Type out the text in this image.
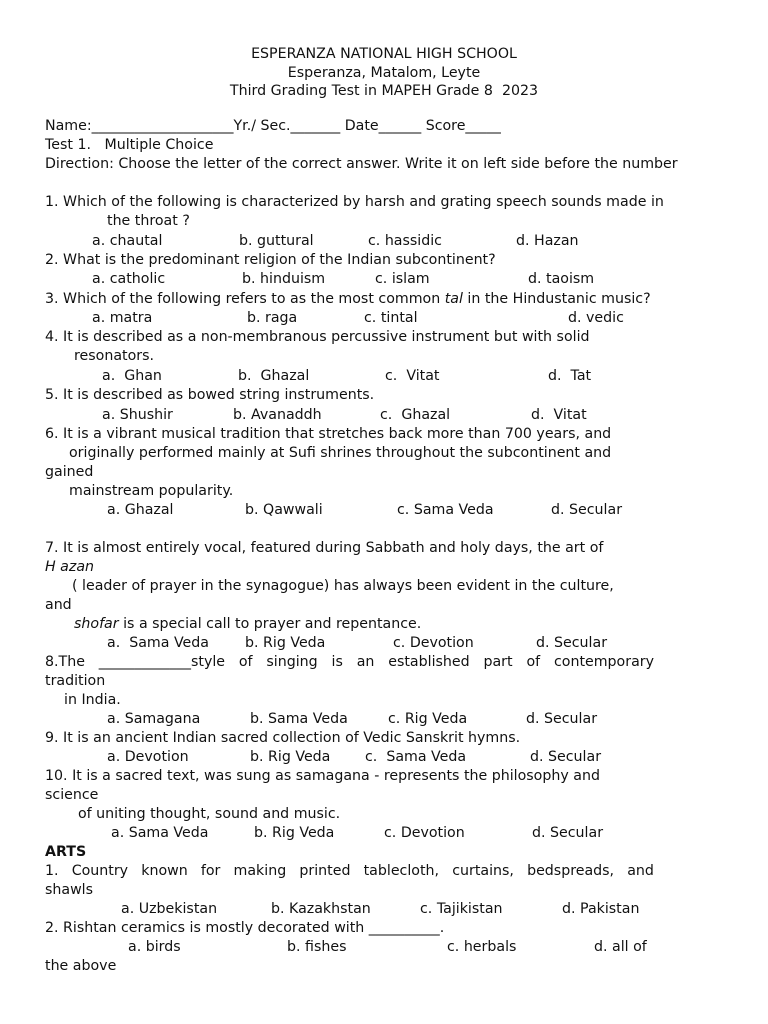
ESPERANZA NATIONAL HIGH SCHOOL
Esperanza, Matalom, Leyte
Third Grading Test in MAPEH Grade 8  2023
Name:____________________Yr./ Sec._______ Date______ Score_____
Test 1.   Multiple Choice
Direction: Choose the letter of the correct answer. Write it on left side before the number
1. Which of the following is characterized by harsh and grating speech sounds made in
the throat ?
a. chautal	b. guttural	c. hassidic	d. Hazan
2. What is the predominant religion of the Indian subcontinent?
a. catholic	b. hinduism	c. islam	d. taoism
3. Which of the following refers to as the most common tal in the Hindustanic music?
a. matra	b. raga	c. tintal	d. vedic
4. It is described as a non-membranous percussive instrument but with solid
resonators.
a.  Ghan	b.  Ghazal	c.  Vitat	d.  Tat
5. It is described as bowed string instruments.
a. Shushir	b. Avanaddh	c.  Ghazal	d.  Vitat
6. It is a vibrant musical tradition that stretches back more than 700 years, and
originally performed mainly at Sufi shrines throughout the subcontinent and
gained
mainstream popularity.
a. Ghazal	b. Qawwali	c. Sama Veda	d. Secular
7. It is almost entirely vocal, featured during Sabbath and holy days, the art of
H azan
( leader of prayer in the synagogue) has always been evident in the culture,
and
shofar is a special call to prayer and repentance.
a.  Sama Veda	b. Rig Veda	c. Devotion	d. Secular
8.The _____________style of singing is an established part of contemporary
tradition
in India.
a. Samagana	b. Sama Veda	c. Rig Veda	d. Secular
9. It is an ancient Indian sacred collection of Vedic Sanskrit hymns.
a. Devotion	b. Rig Veda c.  Sama Veda	d. Secular
10. It is a sacred text, was sung as samagana - represents the philosophy and
science
of uniting thought, sound and music.
a. Sama Veda	b. Rig Veda	c. Devotion	d. Secular
ARTS
1. Country known for making printed tablecloth, curtains, bedspreads, and
shawls
a. Uzbekistan	b. Kazakhstan	c. Tajikistan	d. Pakistan
2. Rishtan ceramics is mostly decorated with __________.
a. birds	b. fishes	c. herbals	d. all of
the above
